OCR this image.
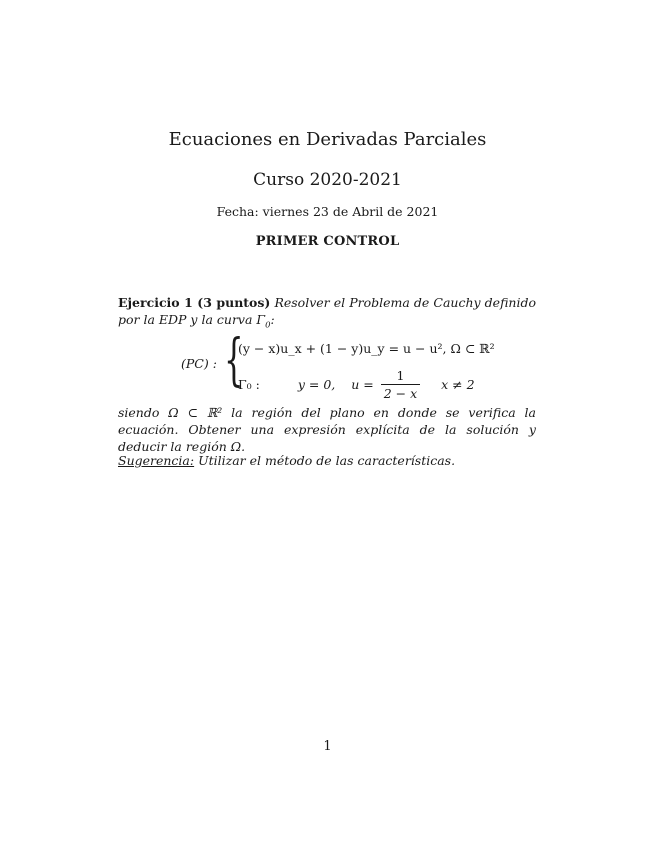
Ecuaciones en Derivadas Parciales
Curso 2020-2021
Fecha: viernes 23 de Abril de 2021
PRIMER CONTROL
Ejercicio 1 (3 puntos) Resolver el Problema de Cauchy definido por la EDP y la curva $\Gamma_0$:
(PC) : {
(y − x)u_x + (1 − y)u_y = u − u², Ω ⊂ ℝ²
Γ₀ :	y = 0, $u = \frac{1}{2 - x}$ x ≠ 2
siendo Ω ⊂ ℝ² la región del plano en donde se verifica la ecuación. Obtener una expresión explícita de la solución y deducir la región Ω.
Sugerencia: Utilizar el método de las características.
1
